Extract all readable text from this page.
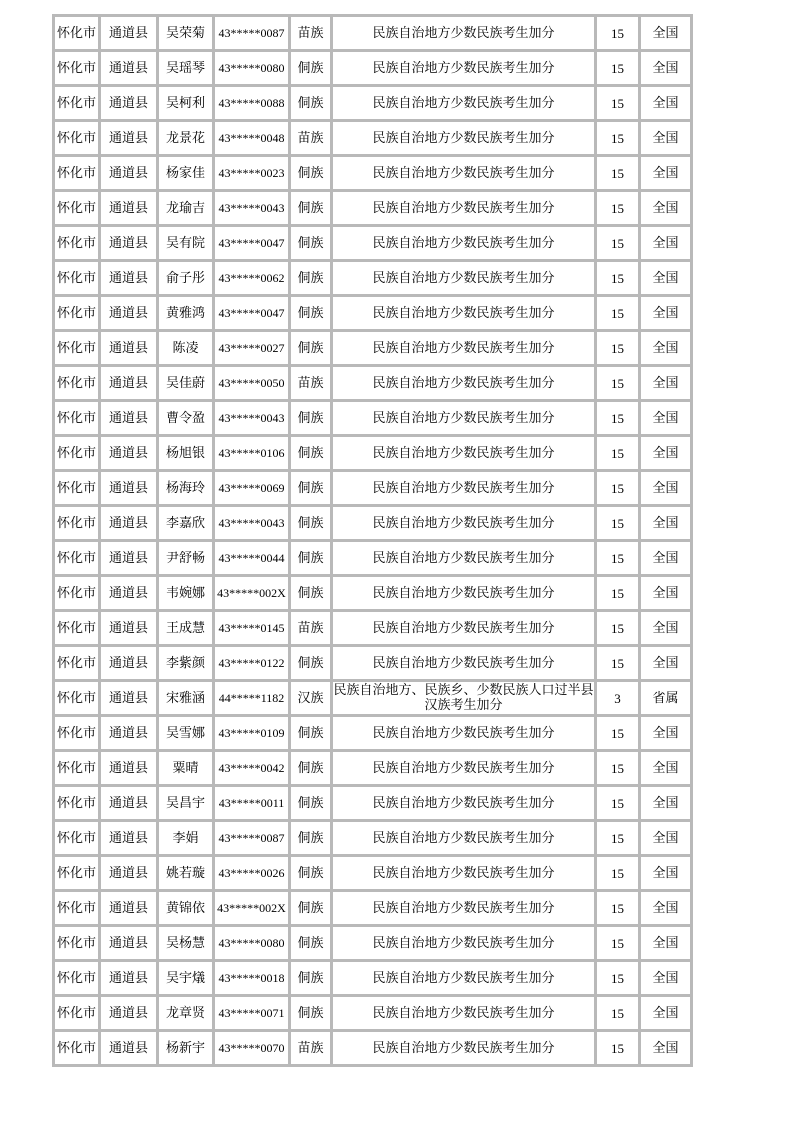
怀化市	通道县	吴荣菊	43*****0087	苗族	民族自治地方少数民族考生加分	15	全国
怀化市	通道县	吴瑶琴	43*****0080	侗族	民族自治地方少数民族考生加分	15	全国
怀化市	通道县	吴柯利	43*****0088	侗族	民族自治地方少数民族考生加分	15	全国
怀化市	通道县	龙景花	43*****0048	苗族	民族自治地方少数民族考生加分	15	全国
怀化市	通道县	杨家佳	43*****0023	侗族	民族自治地方少数民族考生加分	15	全国
怀化市	通道县	龙瑜吉	43*****0043	侗族	民族自治地方少数民族考生加分	15	全国
怀化市	通道县	吴有院	43*****0047	侗族	民族自治地方少数民族考生加分	15	全国
怀化市	通道县	俞子彤	43*****0062	侗族	民族自治地方少数民族考生加分	15	全国
怀化市	通道县	黄雅鸿	43*****0047	侗族	民族自治地方少数民族考生加分	15	全国
怀化市	通道县	陈凌	43*****0027	侗族	民族自治地方少数民族考生加分	15	全国
怀化市	通道县	吴佳蔚	43*****0050	苗族	民族自治地方少数民族考生加分	15	全国
怀化市	通道县	曹令盈	43*****0043	侗族	民族自治地方少数民族考生加分	15	全国
怀化市	通道县	杨旭银	43*****0106	侗族	民族自治地方少数民族考生加分	15	全国
怀化市	通道县	杨海玲	43*****0069	侗族	民族自治地方少数民族考生加分	15	全国
怀化市	通道县	李嘉欣	43*****0043	侗族	民族自治地方少数民族考生加分	15	全国
怀化市	通道县	尹舒畅	43*****0044	侗族	民族自治地方少数民族考生加分	15	全国
怀化市	通道县	韦婉娜	43*****002X	侗族	民族自治地方少数民族考生加分	15	全国
怀化市	通道县	王成慧	43*****0145	苗族	民族自治地方少数民族考生加分	15	全国
怀化市	通道县	李紫颜	43*****0122	侗族	民族自治地方少数民族考生加分	15	全国
怀化市	通道县	宋雅涵	44*****1182	汉族	民族自治地方、民族乡、少数民族人口过半县汉族考生加分	3	省属
怀化市	通道县	吴雪娜	43*****0109	侗族	民族自治地方少数民族考生加分	15	全国
怀化市	通道县	粟晴	43*****0042	侗族	民族自治地方少数民族考生加分	15	全国
怀化市	通道县	吴昌宇	43*****0011	侗族	民族自治地方少数民族考生加分	15	全国
怀化市	通道县	李娟	43*****0087	侗族	民族自治地方少数民族考生加分	15	全国
怀化市	通道县	姚若璇	43*****0026	侗族	民族自治地方少数民族考生加分	15	全国
怀化市	通道县	黄锦依	43*****002X	侗族	民族自治地方少数民族考生加分	15	全国
怀化市	通道县	吴杨慧	43*****0080	侗族	民族自治地方少数民族考生加分	15	全国
怀化市	通道县	吴宇燨	43*****0018	侗族	民族自治地方少数民族考生加分	15	全国
怀化市	通道县	龙章贤	43*****0071	侗族	民族自治地方少数民族考生加分	15	全国
怀化市	通道县	杨新宇	43*****0070	苗族	民族自治地方少数民族考生加分	15	全国
